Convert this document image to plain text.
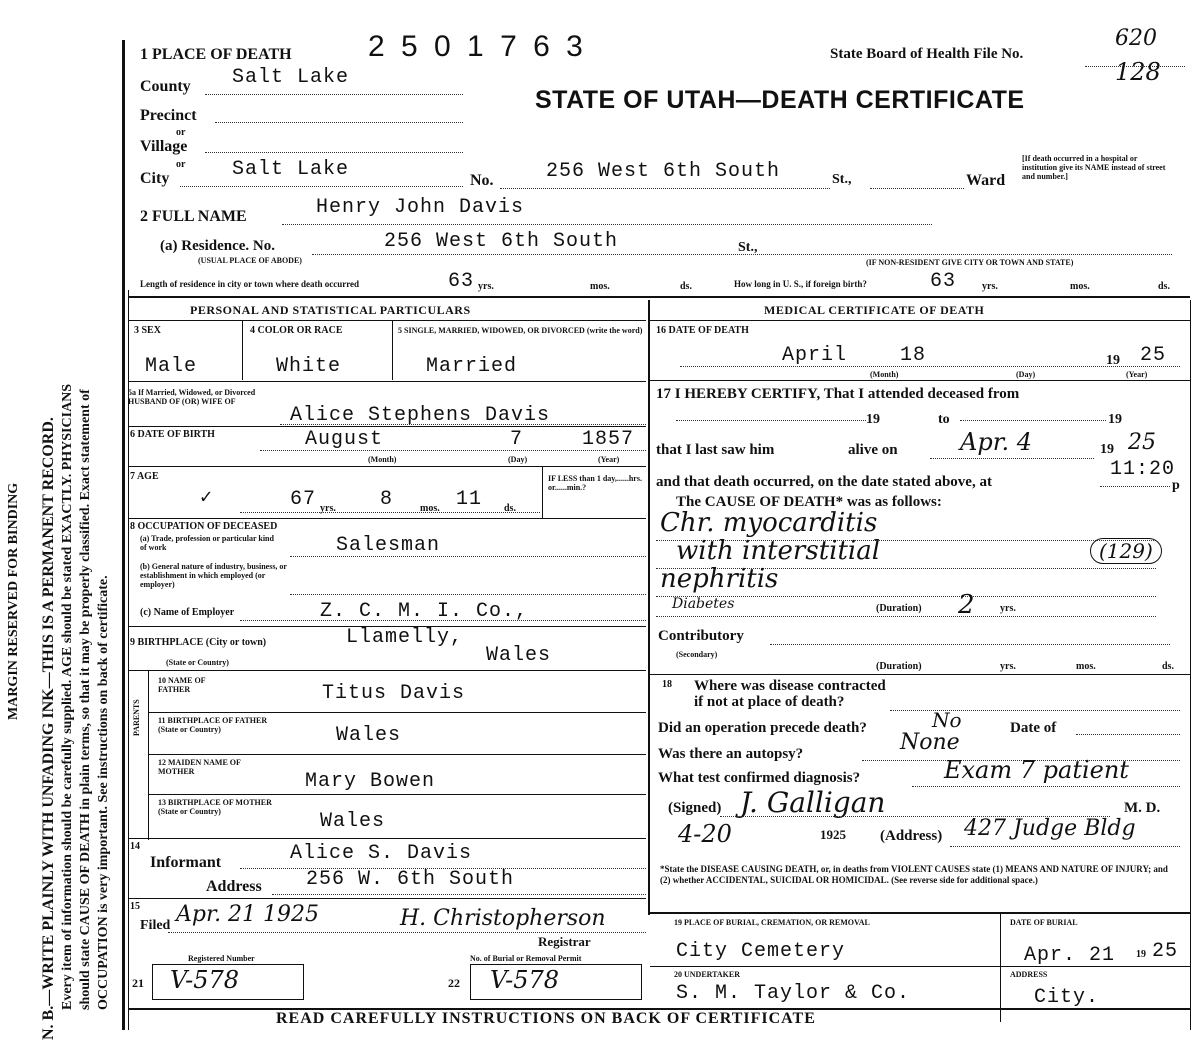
MARGIN RESERVED FOR BINDING N. B.—WRITE PLAINLY WITH UNFADING INK—THIS IS A PERMANENT RECORD. Every item of information should be carefully supplied. AGE should be stated EXACTLY. PHYSICIANS should state CAUSE OF DEATH in plain terms, so that it may be properly classified. Exact statement of OCCUPATION is very important. See instructions on back of certificate.
1 PLACE OF DEATH	2 5 0 1 7 6 3	State Board of Health File No.
620
128
STATE OF UTAH—DEATH CERTIFICATE
County Salt Lake
Precinct
or
Village
or
City	Salt Lake	No.	256 West 6th South	St.,	Ward
[If death occurred in a hospital or institution give its NAME instead of street and number.]
2 FULL NAME	Henry John Davis
(a) Residence. No.
(USUAL PLACE OF ABODE)
256 West 6th South	St.,
(IF NON-RESIDENT GIVE CITY OR TOWN AND STATE)
Length of residence in city or town where death occurred	63 yrs.	mos.	ds.	How long in U. S., if foreign birth?	63	yrs.	mos.	ds.
PERSONAL AND STATISTICAL PARTICULARS
3 SEX
Male
4 COLOR OR RACE
White
5 SINGLE, MARRIED, WIDOWED, OR DIVORCED (write the word)
Married
5a If Married, Widowed, or Divorced HUSBAND OF (OR) WIFE OF
Alice Stephens Davis
6 DATE OF BIRTH	August	7	1857
(Month)	(Day)	(Year)
7 AGE
✓	67 yrs. 8	mos. 11 ds.
IF LESS than 1 day,......hrs. or......min.?
8 OCCUPATION OF DECEASED
(a) Trade, profession or particular kind of work	Salesman
(b) General nature of industry, business, or establishment in which employed (or employer)
(c) Name of Employer	Z. C. M. I. Co.,
9 BIRTHPLACE (City or town)	Llamelly,
Wales
(State or Country)
PARENTS
10 NAME OF FATHER	Titus Davis
11 BIRTHPLACE OF FATHER (State or Country)	Wales
12 MAIDEN NAME OF MOTHER	Mary Bowen
13 BIRTHPLACE OF MOTHER (State or Country)	Wales
14
Informant	Alice S. Davis
Address 256 W. 6th South
15
Filed Apr. 21 1925	H. Christopherson
Registrar
Registered Number
21 V-578
No. of Burial or Removal Permit
22 V-578
MEDICAL CERTIFICATE OF DEATH
16 DATE OF DEATH
April	18	19 25
(Month)	(Day)	(Year)
17 I HEREBY CERTIFY, That I attended deceased from
19	to	19
that I last saw him	alive on	Apr. 4	19 25
and that death occurred, on the date stated above, at
11:20
p
The CAUSE OF DEATH* was as follows:
Chr. myocarditis
with interstitial	(129)
nephritis
Diabetes	(Duration) 2	yrs.
Contributory
(Secondary)
(Duration)	yrs.	mos.	ds.
18 Where was disease contracted
if not at place of death?
Did an operation precede death?	No	Date of
Was there an autopsy?	None
What test confirmed diagnosis?	Exam 7 patient
(Signed) J. Galligan	M. D.
4-20	1925 (Address) 427 Judge Bldg
*State the DISEASE CAUSING DEATH, or, in deaths from VIOLENT CAUSES state (1) MEANS AND NATURE OF INJURY; and (2) whether ACCIDENTAL, SUICIDAL OR HOMICIDAL. (See reverse side for additional space.)
19 PLACE OF BURIAL, CREMATION, OR REMOVAL
City Cemetery
DATE OF BURIAL
Apr. 21 19 25
20 UNDERTAKER
S. M. Taylor & Co.
ADDRESS
City.
READ CAREFULLY INSTRUCTIONS ON BACK OF CERTIFICATE
